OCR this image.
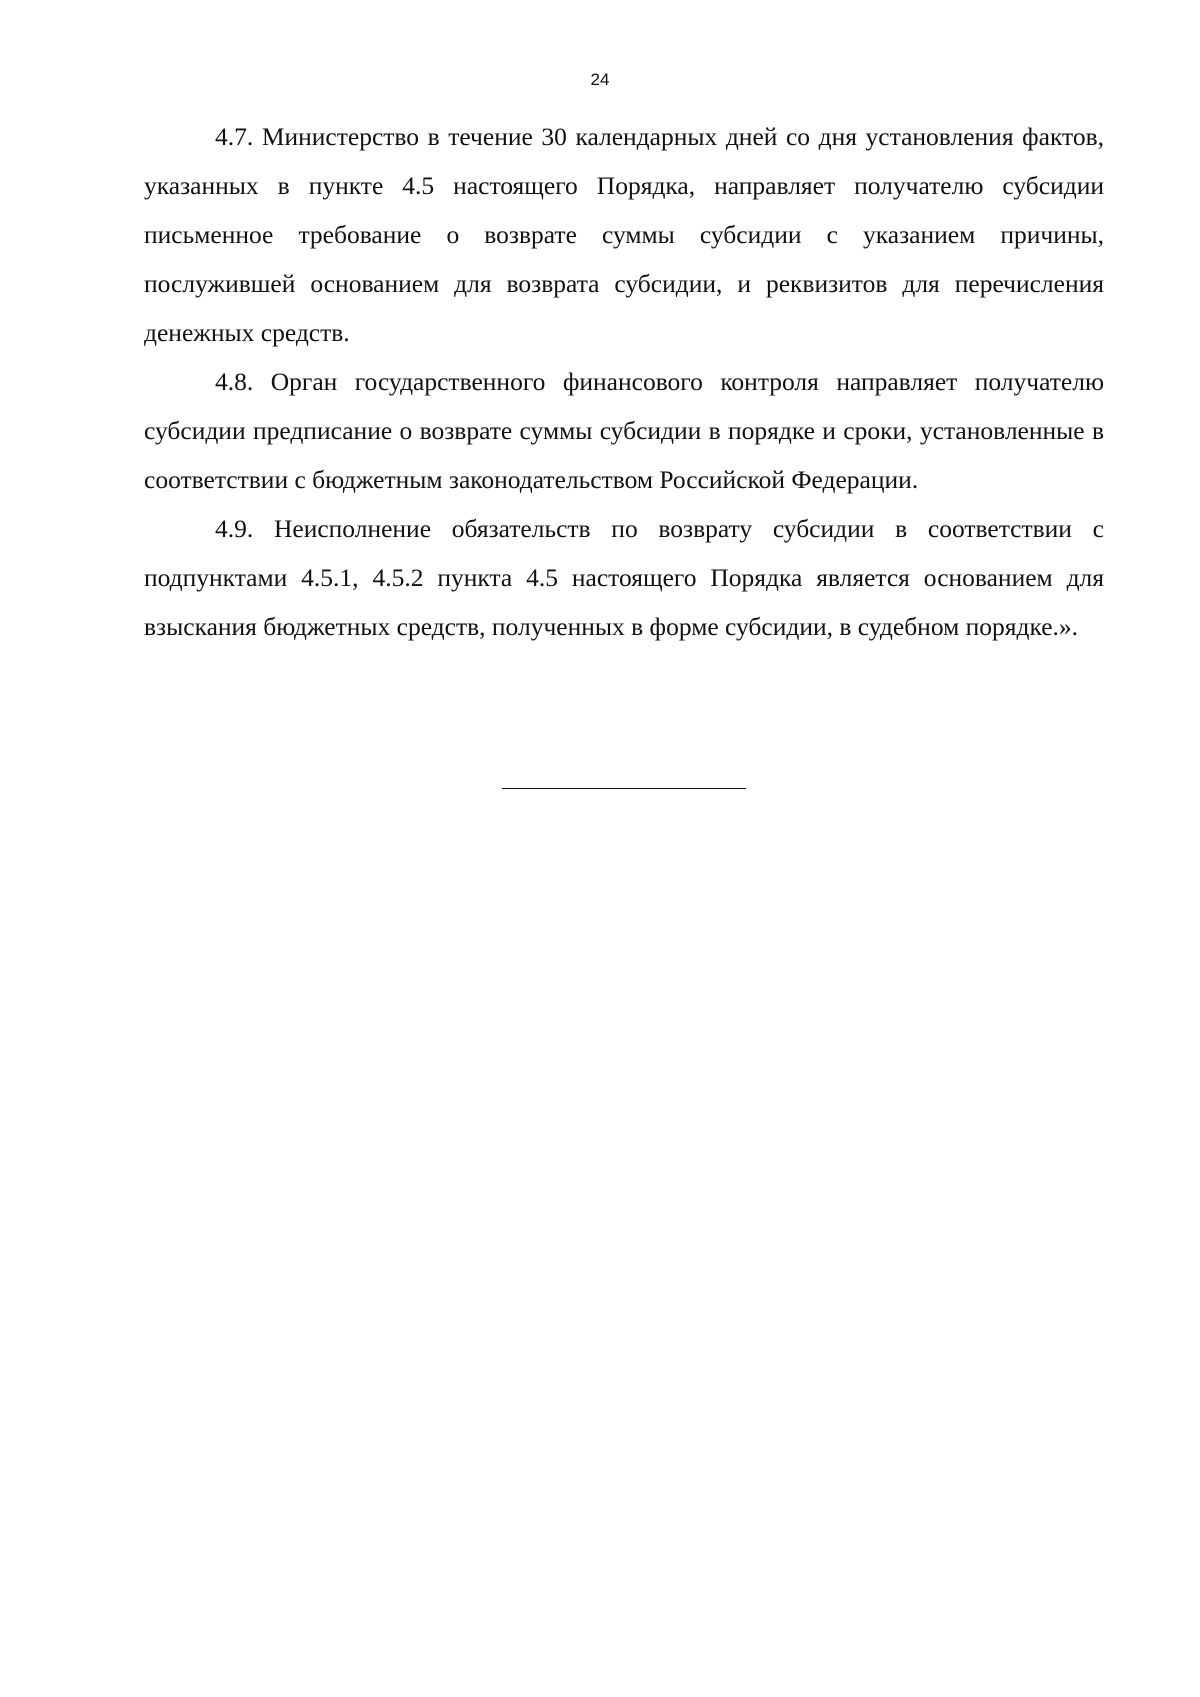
24

4.7. Министерство в течение 30 календарных дней со дня установления фактов, указанных в пункте 4.5 настоящего Порядка, направляет получателю субсидии письменное требование о возврате суммы субсидии с указанием причины, послужившей основанием для возврата субсидии, и реквизитов для перечисления денежных средств.

4.8. Орган государственного финансового контроля направляет получателю субсидии предписание о возврате суммы субсидии в порядке и сроки, установленные в соответствии с бюджетным законодательством Российской Федерации.

4.9. Неисполнение обязательств по возврату субсидии в соответствии с подпунктами 4.5.1, 4.5.2 пункта 4.5 настоящего Порядка является основанием для взыскания бюджетных средств, полученных в форме субсидии, в судебном порядке.».
